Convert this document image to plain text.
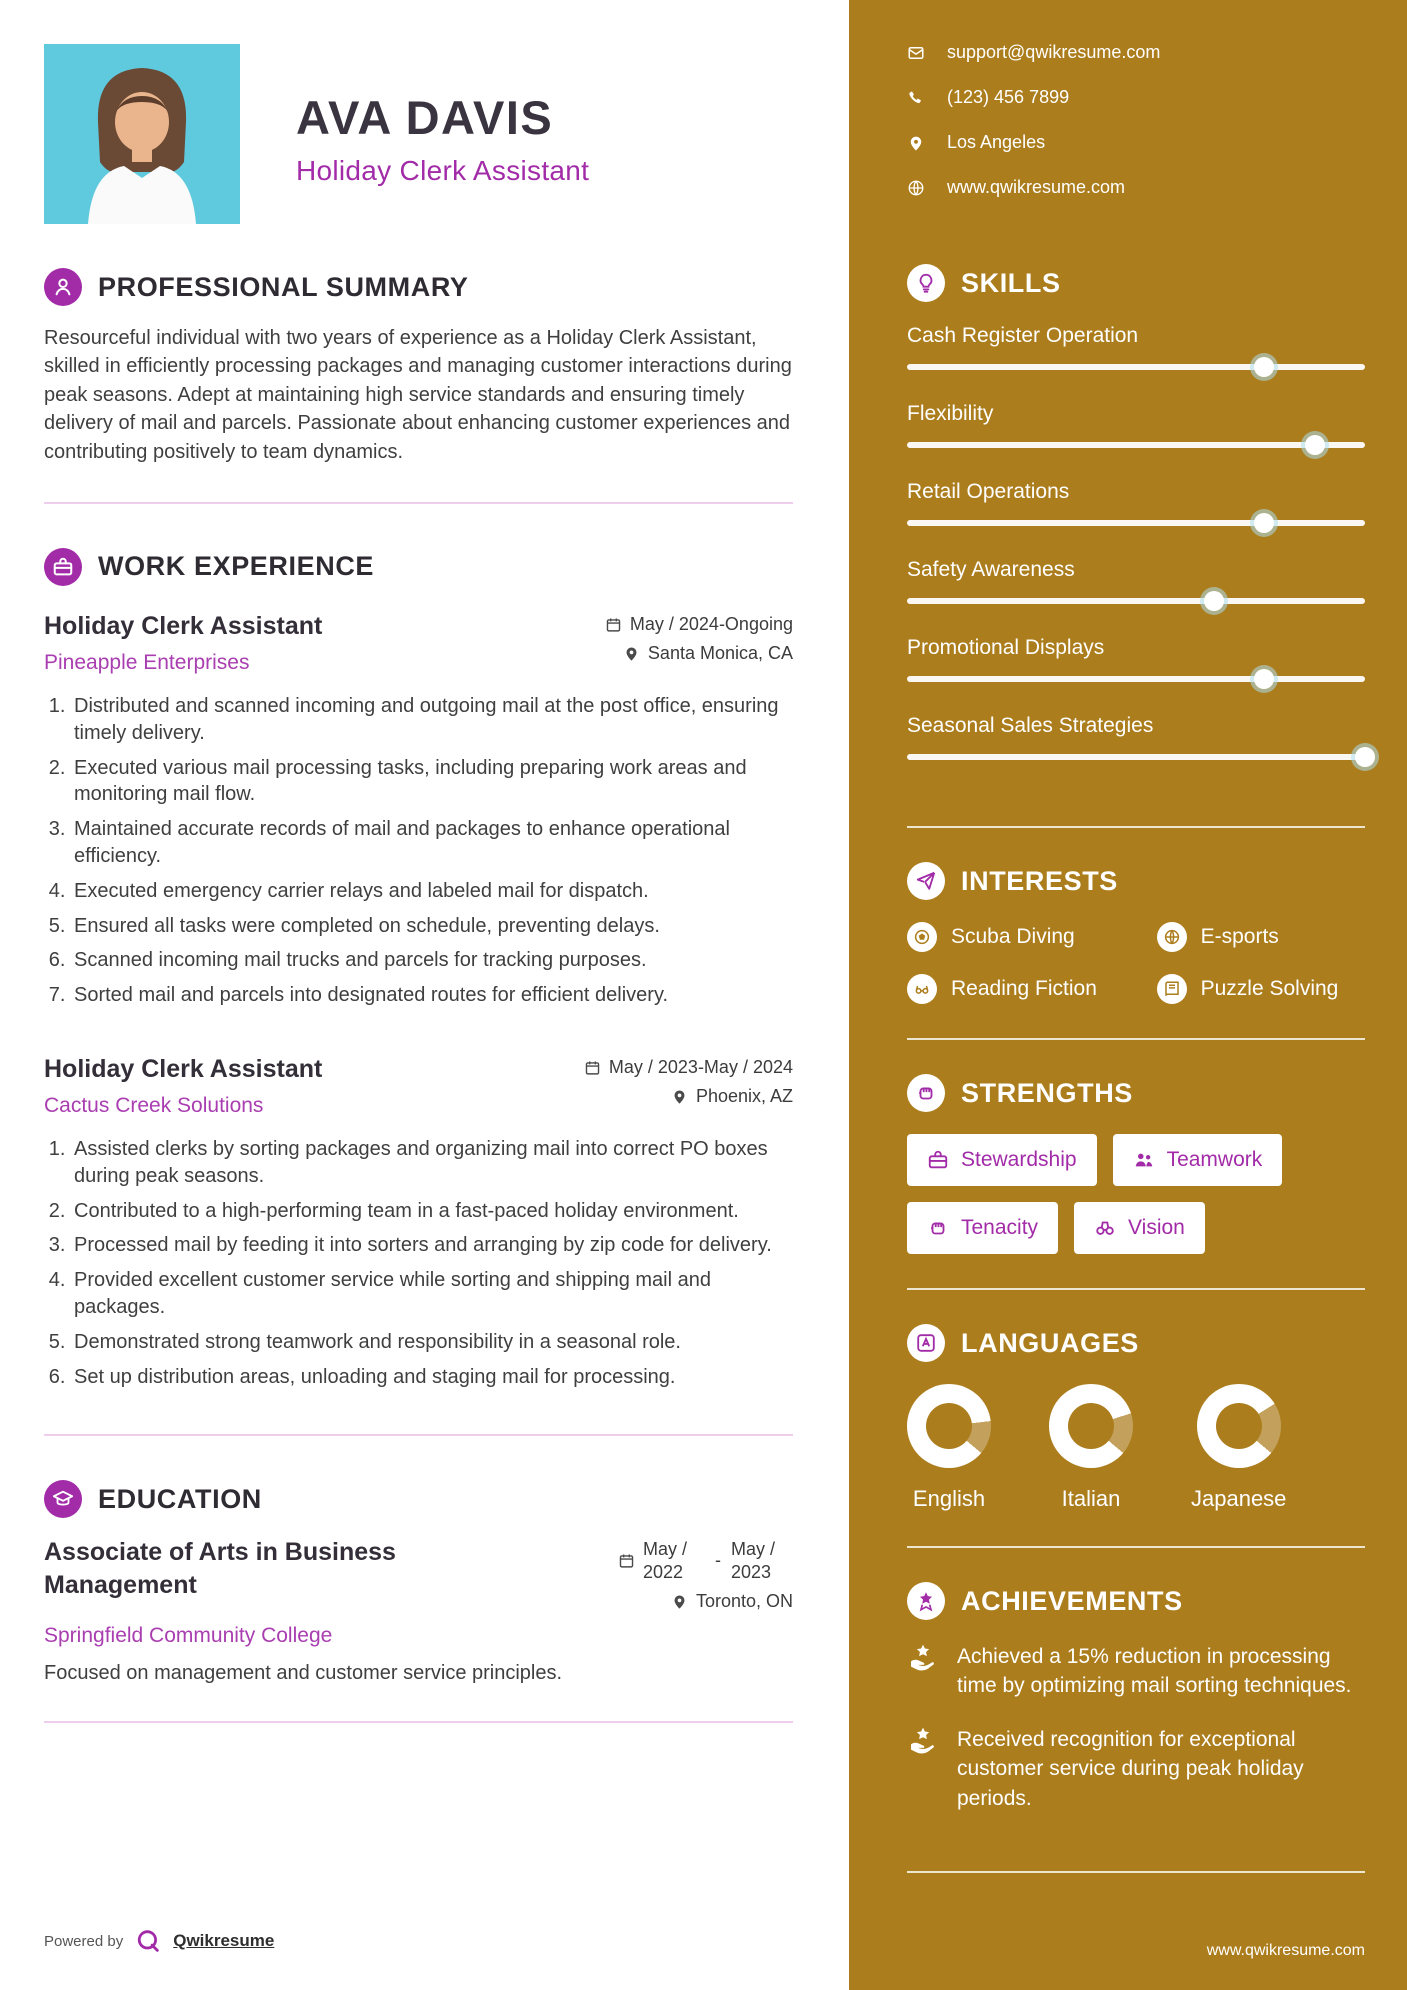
AVA DAVIS
Holiday Clerk Assistant
PROFESSIONAL SUMMARY

Resourceful individual with two years of experience as a Holiday Clerk Assistant, skilled in efficiently processing packages and managing customer interactions during peak seasons. Adept at maintaining high service standards and ensuring timely delivery of mail and parcels. Passionate about enhancing customer experiences and contributing positively to team dynamics.

WORK EXPERIENCE
Holiday Clerk Assistant
Pineapple Enterprises
May / 2024-Ongoing
Santa Monica, CA
1. Distributed and scanned incoming and outgoing mail at the post office, ensuring timely delivery.
2. Executed various mail processing tasks, including preparing work areas and monitoring mail flow.
3. Maintained accurate records of mail and packages to enhance operational efficiency.
4. Executed emergency carrier relays and labeled mail for dispatch.
5. Ensured all tasks were completed on schedule, preventing delays.
6. Scanned incoming mail trucks and parcels for tracking purposes.
7. Sorted mail and parcels into designated routes for efficient delivery.
Holiday Clerk Assistant
Cactus Creek Solutions
May / 2023-May / 2024
Phoenix, AZ
1. Assisted clerks by sorting packages and organizing mail into correct PO boxes during peak seasons.
2. Contributed to a high-performing team in a fast-paced holiday environment.
3. Processed mail by feeding it into sorters and arranging by zip code for delivery.
4. Provided excellent customer service while sorting and shipping mail and packages.
5. Demonstrated strong teamwork and responsibility in a seasonal role.
6. Set up distribution areas, unloading and staging mail for processing.
EDUCATION
Associate of Arts in Business Management
May / 2022
-
May / 2023
Toronto, ON
Springfield Community College

Focused on management and customer service principles.

Powered by	Qwikresume
support@qwikresume.com
(123) 456 7899
Los Angeles
www.qwikresume.com
SKILLS
Cash Register Operation
Flexibility
Retail Operations
Safety Awareness
Promotional Displays
Seasonal Sales Strategies
INTERESTS
Scuba Diving	E-sports
Reading Fiction	Puzzle Solving
STRENGTHS
Stewardship	Teamwork
Tenacity	Vision
LANGUAGES
English	Italian	Japanese
ACHIEVEMENTS

Achieved a 15% reduction in processing time by optimizing mail sorting techniques.

Received recognition for exceptional customer service during peak holiday periods.

www.qwikresume.com
